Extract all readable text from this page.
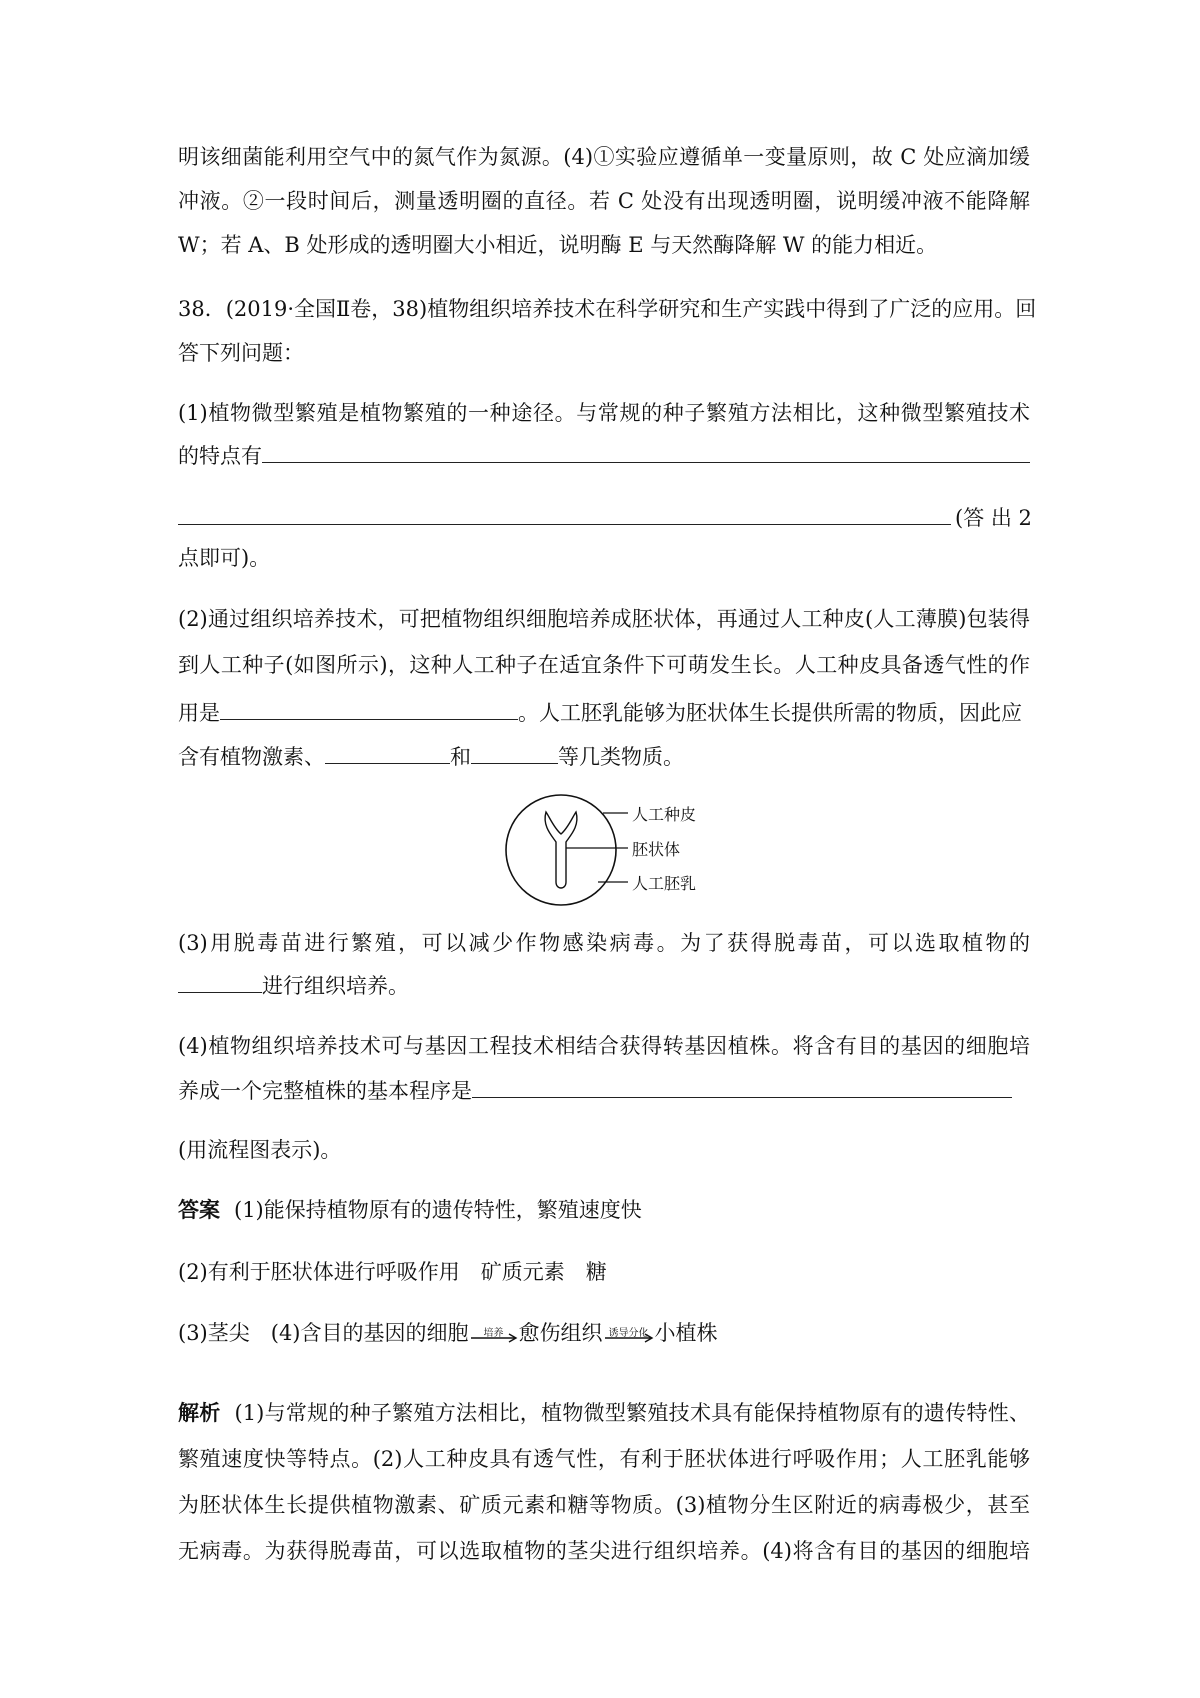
明该细菌能利用空气中的氮气作为氮源。(4)①实验应遵循单一变量原则，故 C 处应滴加缓
冲液。②一段时间后，测量透明圈的直径。若 C 处没有出现透明圈，说明缓冲液不能降解
W；若 A、B 处形成的透明圈大小相近，说明酶 E 与天然酶降解 W 的能力相近。
38．(2019·全国Ⅱ卷，38)植物组织培养技术在科学研究和生产实践中得到了广泛的应用。回
答下列问题：
(1)植物微型繁殖是植物繁殖的一种途径。与常规的种子繁殖方法相比，这种微型繁殖技术
的特点有
(答 出 2
点即可)。
(2)通过组织培养技术，可把植物组织细胞培养成胚状体，再通过人工种皮(人工薄膜)包装得
到人工种子(如图所示)，这种人工种子在适宜条件下可萌发生长。人工种皮具备透气性的作
用是	。人工胚乳能够为胚状体生长提供所需的物质，因此应
含有植物激素、	和	等几类物质。
人工种皮
胚状体
人工胚乳
(3)用脱毒苗进行繁殖，可以减少作物感染病毒。为了获得脱毒苗，可以选取植物的
进行组织培养。
(4)植物组织培养技术可与基因工程技术相结合获得转基因植株。将含有目的基因的细胞培
养成一个完整植株的基本程序是
(用流程图表示)。
答案 (1)能保持植物原有的遗传特性，繁殖速度快
(2)有利于胚状体进行呼吸作用　矿质元素　糖
(3)茎尖　(4)含目的基因的细胞	培养 愈伤组织 诱导分化 小植株
解析 (1)与常规的种子繁殖方法相比，植物微型繁殖技术具有能保持植物原有的遗传特性、
繁殖速度快等特点。(2)人工种皮具有透气性，有利于胚状体进行呼吸作用；人工胚乳能够
为胚状体生长提供植物激素、矿质元素和糖等物质。(3)植物分生区附近的病毒极少，甚至
无病毒。为获得脱毒苗，可以选取植物的茎尖进行组织培养。(4)将含有目的基因的细胞培
